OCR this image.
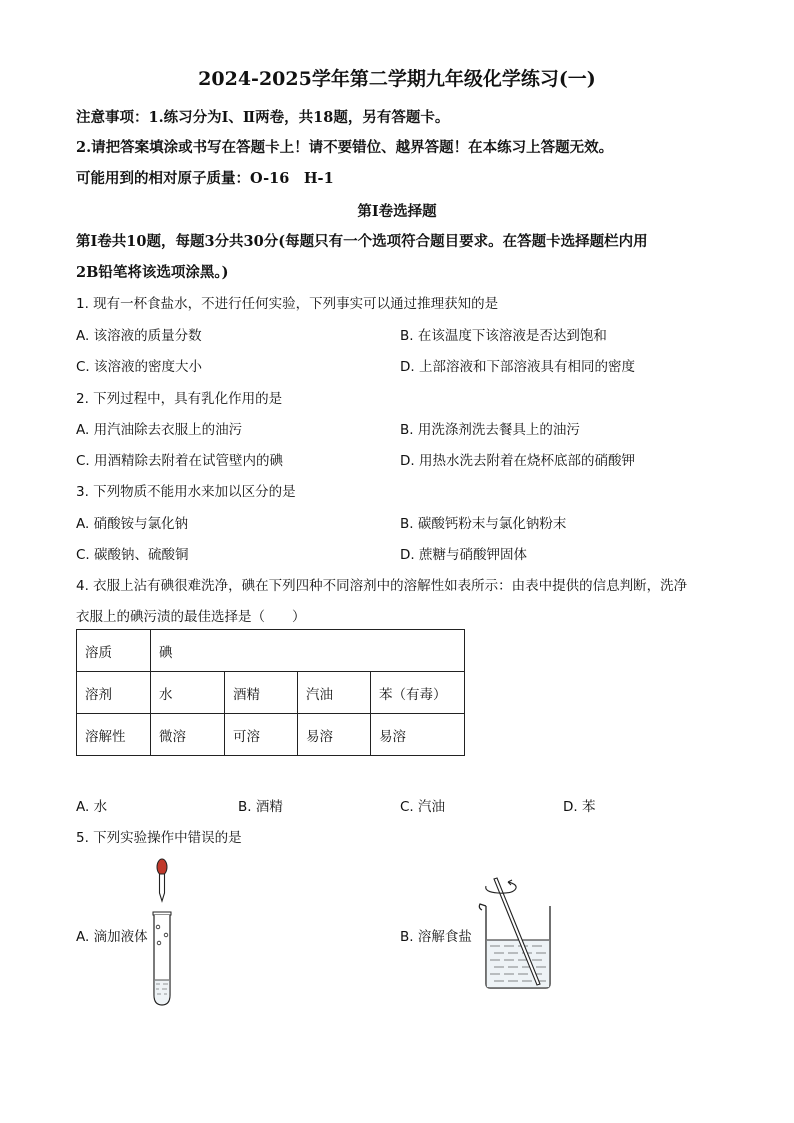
2024-2025学年第二学期九年级化学练习(一)
注意事项：1.练习分为Ⅰ、Ⅱ两卷，共18题，另有答题卡。
2.请把答案填涂或书写在答题卡上！请不要错位、越界答题！在本练习上答题无效。
可能用到的相对原子质量：O-16　H-1
第Ⅰ卷选择题
第Ⅰ卷共10题，每题3分共30分(每题只有一个选项符合题目要求。在答题卡选择题栏内用
2B铅笔将该选项涂黑。)
1. 现有一杯食盐水，不进行任何实验，下列事实可以通过推理获知的是
A. 该溶液的质量分数	B. 在该温度下该溶液是否达到饱和
C. 该溶液的密度大小	D. 上部溶液和下部溶液具有相同的密度
2. 下列过程中，具有乳化作用的是
A. 用汽油除去衣服上的油污	B. 用洗涤剂洗去餐具上的油污
C. 用酒精除去附着在试管壁内的碘	D. 用热水洗去附着在烧杯底部的硝酸钾
3. 下列物质不能用水来加以区分的是
A. 硝酸铵与氯化钠	B. 碳酸钙粉末与氯化钠粉末
C. 碳酸钠、硫酸铜	D. 蔗糖与硝酸钾固体
4. 衣服上沾有碘很难洗净，碘在下列四种不同溶剂中的溶解性如表所示：由表中提供的信息判断，洗净
衣服上的碘污渍的最佳选择是（　　）
溶质	碘			
溶剂	水	酒精	汽油	苯（有毒）
溶解性	微溶	可溶	易溶	易溶
A. 水	B. 酒精	C. 汽油	D. 苯
5. 下列实验操作中错误的是
A. 滴加液体	B. 溶解食盐
